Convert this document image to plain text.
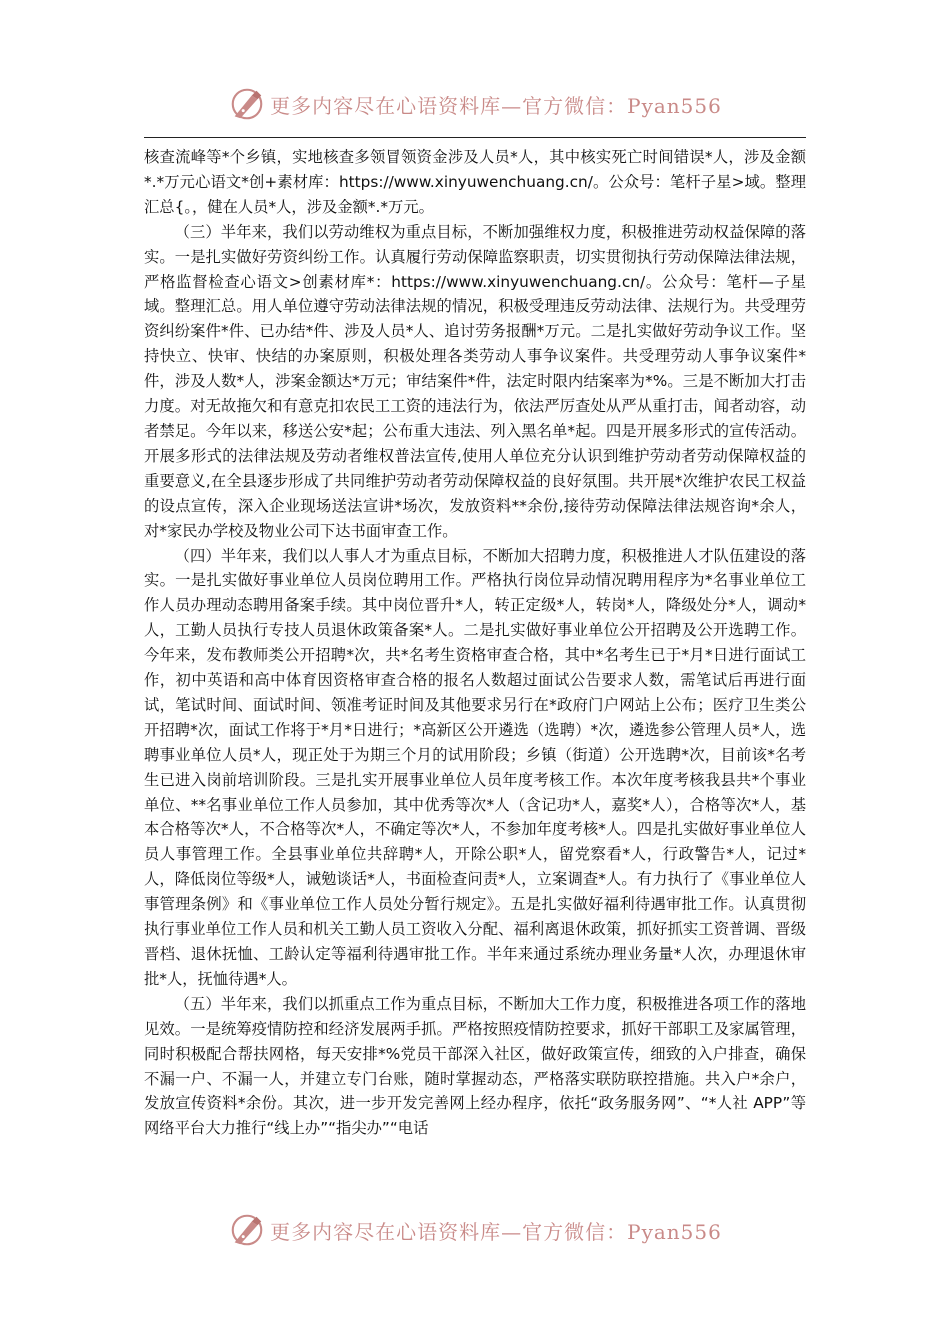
更多内容尽在心语资料库—官方微信：Pyan556

核查流峰等*个乡镇，实地核查多领冒领资金涉及人员*人，其中核实死亡时间错误*人，涉及金额*.*万元心语文*创+素材库：https://www.xinyuwenchuang.cn/。公众号：笔杆子星>域。整理汇总{。，健在人员*人，涉及金额*.*万元。

（三）半年来，我们以劳动维权为重点目标，不断加强维权力度，积极推进劳动权益保障的落实。一是扎实做好劳资纠纷工作。认真履行劳动保障监察职责，切实贯彻执行劳动保障法律法规，严格监督检查心语文>创素材库*：https://www.xinyuwenchuang.cn/。公众号：笔杆—子星域。整理汇总。用人单位遵守劳动法律法规的情况，积极受理违反劳动法律、法规行为。共受理劳资纠纷案件*件、已办结*件、涉及人员*人、追讨劳务报酬*万元。二是扎实做好劳动争议工作。坚持快立、快审、快结的办案原则，积极处理各类劳动人事争议案件。共受理劳动人事争议案件*件，涉及人数*人，涉案金额达*万元；审结案件*件，法定时限内结案率为*%。三是不断加大打击力度。对无故拖欠和有意克扣农民工工资的违法行为，依法严厉查处从严从重打击，闻者动容，动者禁足。今年以来，移送公安*起；公布重大违法、列入黑名单*起。四是开展多形式的宣传活动。开展多形式的法律法规及劳动者维权普法宣传,使用人单位充分认识到维护劳动者劳动保障权益的重要意义,在全县逐步形成了共同维护劳动者劳动保障权益的良好氛围。共开展*次维护农民工权益的设点宣传，深入企业现场送法宣讲*场次，发放资料**余份,接待劳动保障法律法规咨询*余人，对*家民办学校及物业公司下达书面审查工作。

（四）半年来，我们以人事人才为重点目标，不断加大招聘力度，积极推进人才队伍建设的落实。一是扎实做好事业单位人员岗位聘用工作。严格执行岗位异动情况聘用程序为*名事业单位工作人员办理动态聘用备案手续。其中岗位晋升*人，转正定级*人，转岗*人，降级处分*人，调动*人，工勤人员执行专技人员退休政策备案*人。二是扎实做好事业单位公开招聘及公开选聘工作。今年来，发布教师类公开招聘*次，共*名考生资格审查合格，其中*名考生已于*月*日进行面试工作，初中英语和高中体育因资格审查合格的报名人数超过面试公告要求人数，需笔试后再进行面试，笔试时间、面试时间、领准考证时间及其他要求另行在*政府门户网站上公布；医疗卫生类公开招聘*次，面试工作将于*月*日进行；*高新区公开遴选（选聘）*次，遴选参公管理人员*人，选聘事业单位人员*人，现正处于为期三个月的试用阶段；乡镇（街道）公开选聘*次，目前该*名考生已进入岗前培训阶段。三是扎实开展事业单位人员年度考核工作。本次年度考核我县共*个事业单位、**名事业单位工作人员参加，其中优秀等次*人（含记功*人，嘉奖*人），合格等次*人，基本合格等次*人，不合格等次*人，不确定等次*人，不参加年度考核*人。四是扎实做好事业单位人员人事管理工作。全县事业单位共辞聘*人，开除公职*人，留党察看*人，行政警告*人，记过*人，降低岗位等级*人，诫勉谈话*人，书面检查问责*人，立案调查*人。有力执行了《事业单位人事管理条例》和《事业单位工作人员处分暂行规定》。五是扎实做好福利待遇审批工作。认真贯彻执行事业单位工作人员和机关工勤人员工资收入分配、福利离退休政策，抓好抓实工资普调、晋级晋档、退休抚恤、工龄认定等福利待遇审批工作。半年来通过系统办理业务量*人次，办理退休审批*人，抚恤待遇*人。

（五）半年来，我们以抓重点工作为重点目标，不断加大工作力度，积极推进各项工作的落地见效。一是统筹疫情防控和经济发展两手抓。严格按照疫情防控要求，抓好干部职工及家属管理，同时积极配合帮扶网格，每天安排*%党员干部深入社区，做好政策宣传，细致的入户排查，确保不漏一户、不漏一人，并建立专门台账，随时掌握动态，严格落实联防联控措施。共入户*余户，发放宣传资料*余份。其次，进一步开发完善网上经办程序，依托“政务服务网”、“*人社 APP”等网络平台大力推行“线上办”“指尖办”“电话

更多内容尽在心语资料库—官方微信：Pyan556
